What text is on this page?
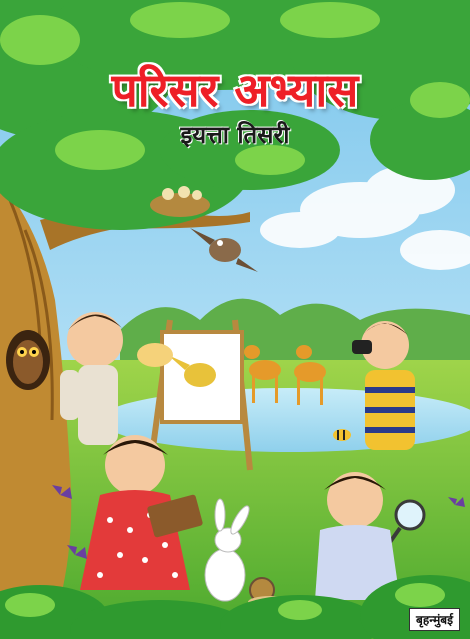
परिसर अभ्यास
इयत्ता तिसरी
बृहन्मुंबई
